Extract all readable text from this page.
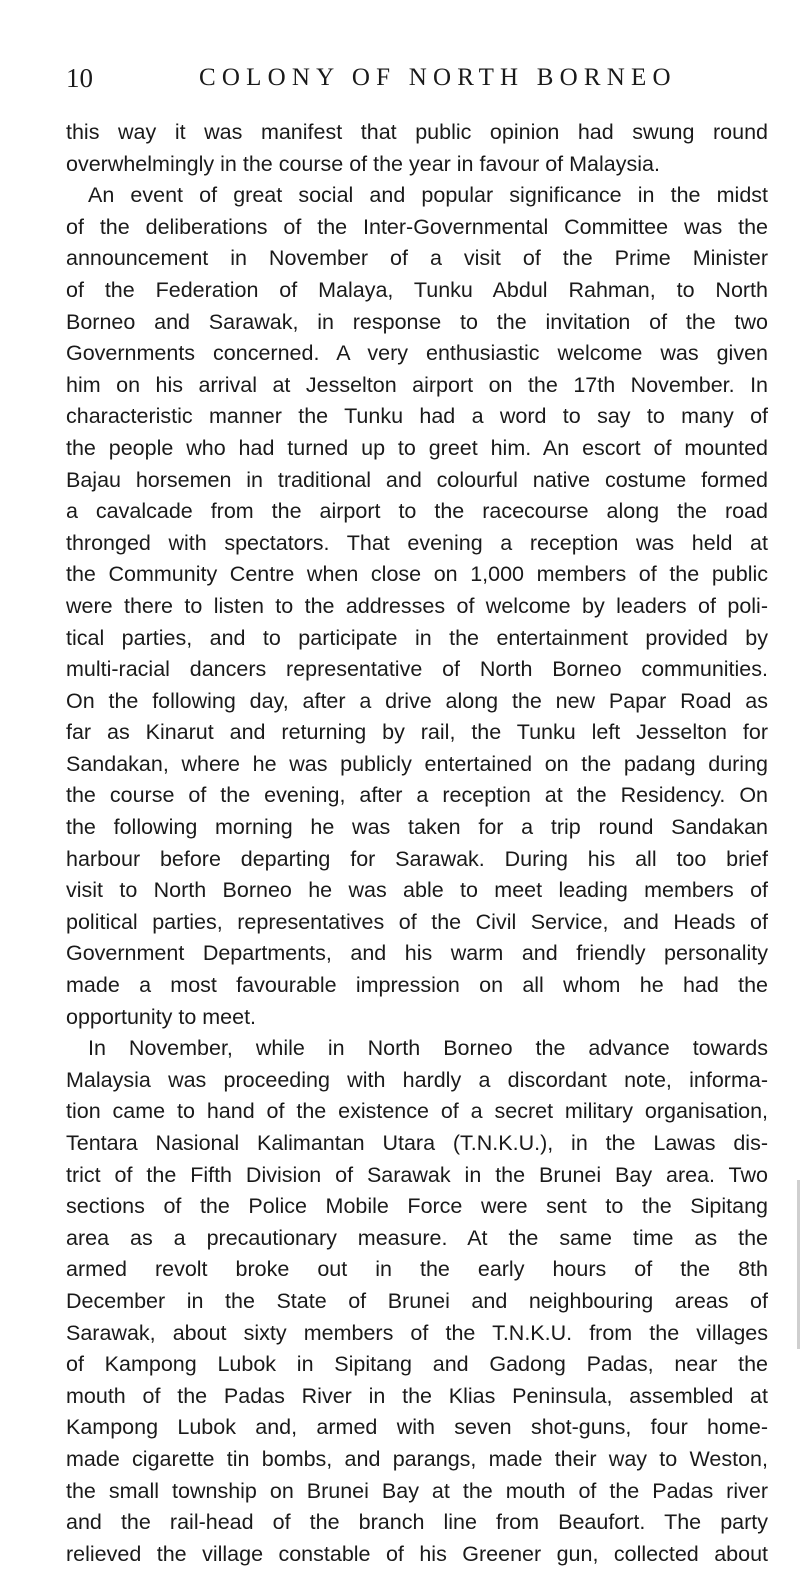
10	COLONY OF NORTH BORNEO
this way it was manifest that public opinion had swung round
overwhelmingly in the course of the year in favour of Malaysia.
An event of great social and popular significance in the midst
of the deliberations of the Inter-Governmental Committee was the
announcement in November of a visit of the Prime Minister
of the Federation of Malaya, Tunku Abdul Rahman, to North
Borneo and Sarawak, in response to the invitation of the two
Governments concerned. A very enthusiastic welcome was given
him on his arrival at Jesselton airport on the 17th November. In
characteristic manner the Tunku had a word to say to many of
the people who had turned up to greet him. An escort of mounted
Bajau horsemen in traditional and colourful native costume formed
a cavalcade from the airport to the racecourse along the road
thronged with spectators. That evening a reception was held at
the Community Centre when close on 1,000 members of the public
were there to listen to the addresses of welcome by leaders of poli-
tical parties, and to participate in the entertainment provided by
multi-racial dancers representative of North Borneo communities.
On the following day, after a drive along the new Papar Road as
far as Kinarut and returning by rail, the Tunku left Jesselton for
Sandakan, where he was publicly entertained on the padang during
the course of the evening, after a reception at the Residency. On
the following morning he was taken for a trip round Sandakan
harbour before departing for Sarawak. During his all too brief
visit to North Borneo he was able to meet leading members of
political parties, representatives of the Civil Service, and Heads of
Government Departments, and his warm and friendly personality
made a most favourable impression on all whom he had the
opportunity to meet.
In November, while in North Borneo the advance towards
Malaysia was proceeding with hardly a discordant note, informa-
tion came to hand of the existence of a secret military organisation,
Tentara Nasional Kalimantan Utara (T.N.K.U.), in the Lawas dis-
trict of the Fifth Division of Sarawak in the Brunei Bay area. Two
sections of the Police Mobile Force were sent to the Sipitang
area as a precautionary measure. At the same time as the
armed revolt broke out in the early hours of the 8th
December in the State of Brunei and neighbouring areas of
Sarawak, about sixty members of the T.N.K.U. from the villages
of Kampong Lubok in Sipitang and Gadong Padas, near the
mouth of the Padas River in the Klias Peninsula, assembled at
Kampong Lubok and, armed with seven shot-guns, four home-
made cigarette tin bombs, and parangs, made their way to Weston,
the small township on Brunei Bay at the mouth of the Padas river
and the rail-head of the branch line from Beaufort. The party
relieved the village constable of his Greener gun, collected about
